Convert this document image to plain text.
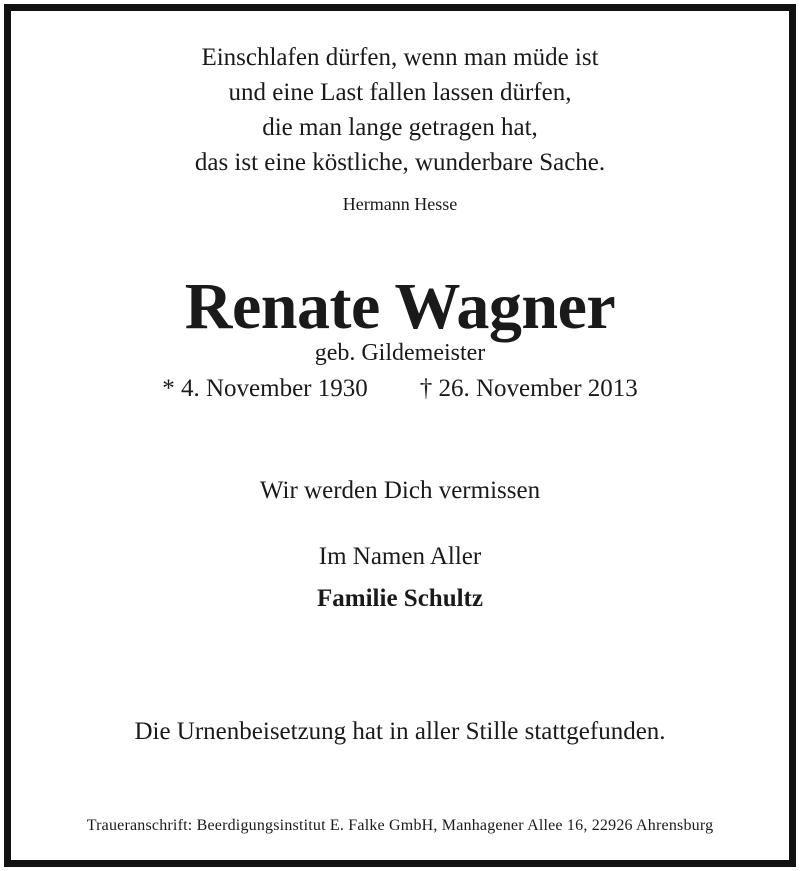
Einschlafen dürfen, wenn man müde ist
und eine Last fallen lassen dürfen,
die man lange getragen hat,
das ist eine köstliche, wunderbare Sache.
Hermann Hesse
Renate Wagner
geb. Gildemeister
* 4. November 1930 † 26. November 2013
Wir werden Dich vermissen
Im Namen Aller
Familie Schultz
Die Urnenbeisetzung hat in aller Stille stattgefunden.
Traueranschrift: Beerdigungsinstitut E. Falke GmbH, Manhagener Allee 16, 22926 Ahrensburg
